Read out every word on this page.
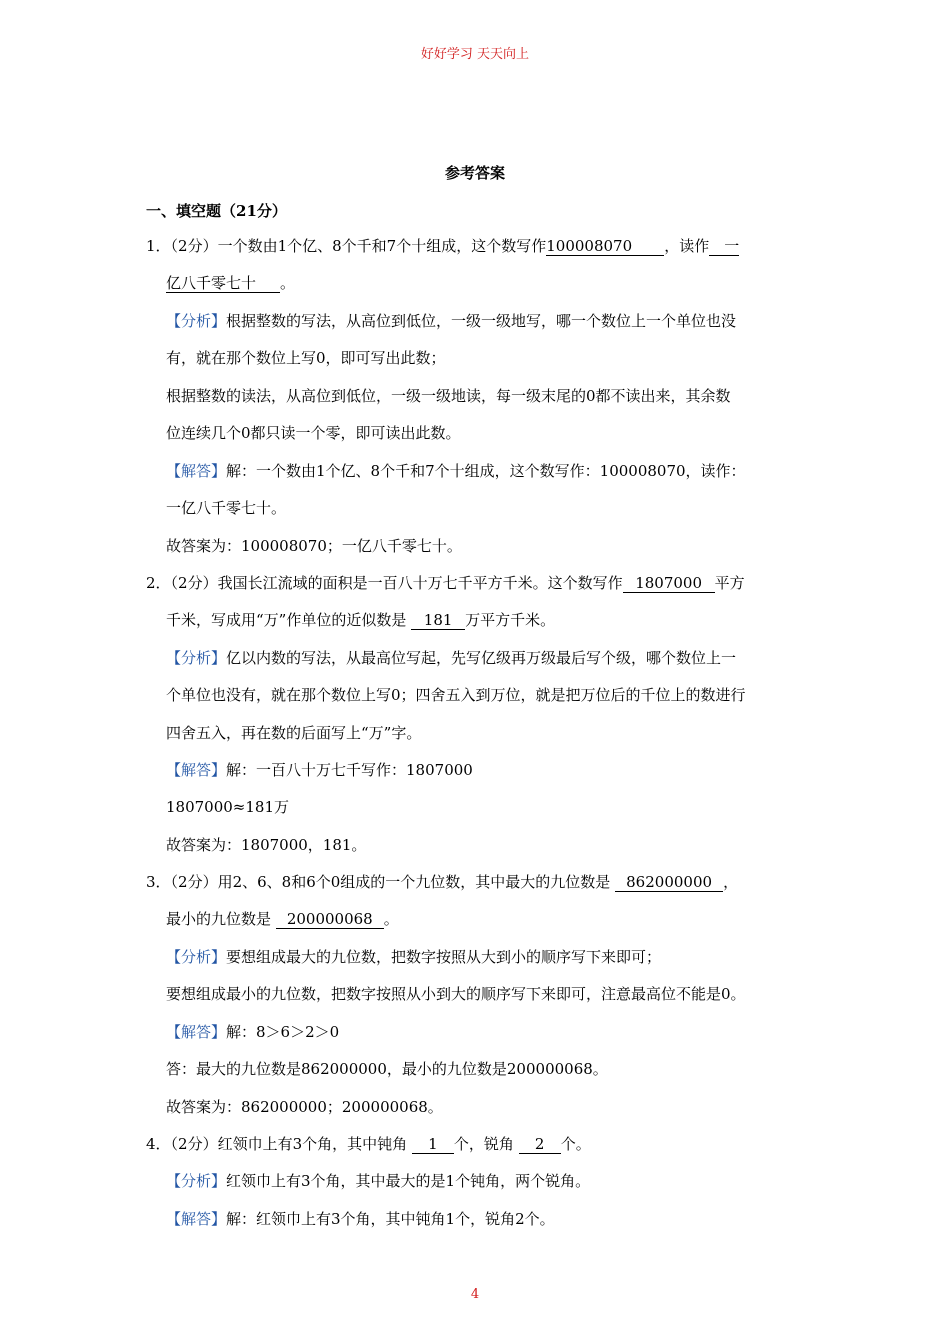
好好学习 天天向上
参考答案
一、填空题（21分）
1．（2分）一个数由1个亿、8个千和7个十组成，这个数写作100008070 ，读作 一
亿八千零七十 。
【分析】根据整数的写法，从高位到低位，一级一级地写，哪一个数位上一个单位也没
有，就在那个数位上写0，即可写出此数；
根据整数的读法，从高位到低位，一级一级地读，每一级末尾的0都不读出来，其余数
位连续几个0都只读一个零，即可读出此数。
【解答】解：一个数由1个亿、8个千和7个十组成，这个数写作：100008070，读作：
一亿八千零七十。
故答案为：100008070；一亿八千零七十。
2．（2分）我国长江流域的面积是一百八十万七千平方千米。这个数写作 1807000 平方
千米，写成用“万”作单位的近似数是 181 万平方千米。
【分析】亿以内数的写法，从最高位写起，先写亿级再万级最后写个级，哪个数位上一
个单位也没有，就在那个数位上写0；四舍五入到万位，就是把万位后的千位上的数进行
四舍五入，再在数的后面写上“万”字。
【解答】解：一百八十万七千写作：1807000
1807000≈181万
故答案为：1807000，181。
3．（2分）用2、6、8和6个0组成的一个九位数，其中最大的九位数是 862000000 ，
最小的九位数是 200000068 。
【分析】要想组成最大的九位数，把数字按照从大到小的顺序写下来即可；
要想组成最小的九位数，把数字按照从小到大的顺序写下来即可，注意最高位不能是0。
【解答】解：8＞6＞2＞0
答：最大的九位数是862000000，最小的九位数是200000068。
故答案为：862000000；200000068。
4．（2分）红领巾上有3个角，其中钝角 1 个，锐角 2 个。
【分析】红领巾上有3个角，其中最大的是1个钝角，两个锐角。
【解答】解：红领巾上有3个角，其中钝角1个，锐角2个。
4
